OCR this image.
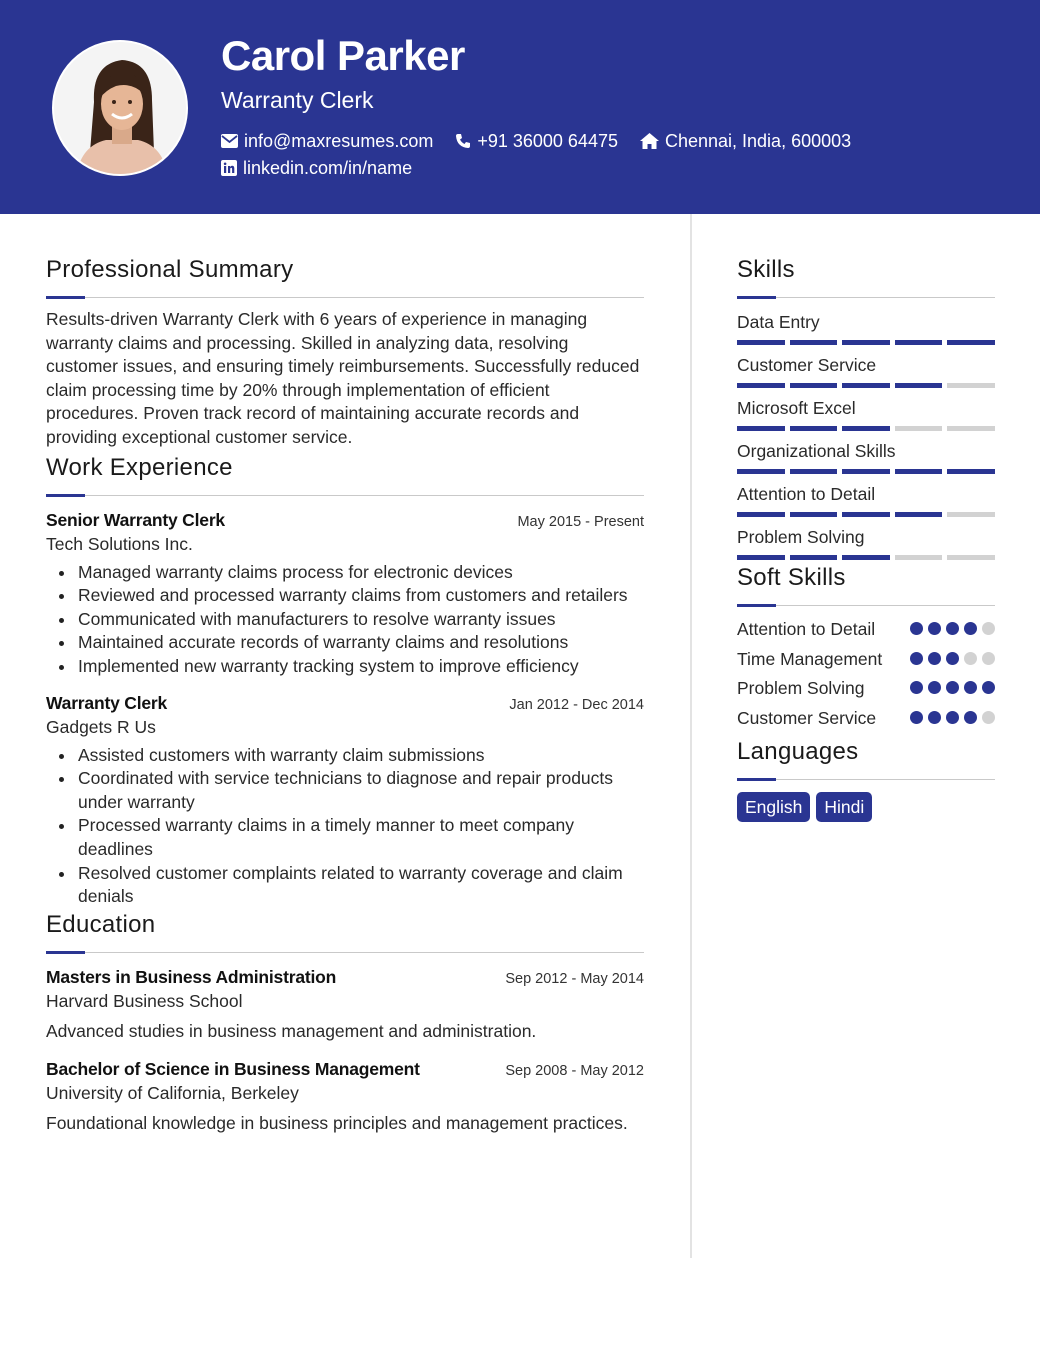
Carol Parker
Warranty Clerk
info@maxresumes.com +91 36000 64475	Chennai, India, 600003
linkedin.com/in/name
Professional Summary

Results-driven Warranty Clerk with 6 years of experience in managing warranty claims and processing. Skilled in analyzing data, resolving customer issues, and ensuring timely reimbursements. Successfully reduced claim processing time by 20% through implementation of efficient procedures. Proven track record of maintaining accurate records and providing exceptional customer service.

Work Experience
Senior Warranty Clerk	May 2015 - Present
Tech Solutions Inc.
Managed warranty claims process for electronic devices
Reviewed and processed warranty claims from customers and retailers
Communicated with manufacturers to resolve warranty issues
Maintained accurate records of warranty claims and resolutions
Implemented new warranty tracking system to improve efficiency
Warranty Clerk	Jan 2012 - Dec 2014
Gadgets R Us
Assisted customers with warranty claim submissions
Coordinated with service technicians to diagnose and repair products under warranty
Processed warranty claims in a timely manner to meet company deadlines
Resolved customer complaints related to warranty coverage and claim denials
Education
Masters in Business Administration	Sep 2012 - May 2014
Harvard Business School
Advanced studies in business management and administration.
Bachelor of Science in Business Management	Sep 2008 - May 2012
University of California, Berkeley
Foundational knowledge in business principles and management practices.
Skills
Data Entry
Customer Service
Microsoft Excel
Organizational Skills
Attention to Detail
Problem Solving
Soft Skills
Attention to Detail
Time Management
Problem Solving
Customer Service
Languages
English	Hindi
